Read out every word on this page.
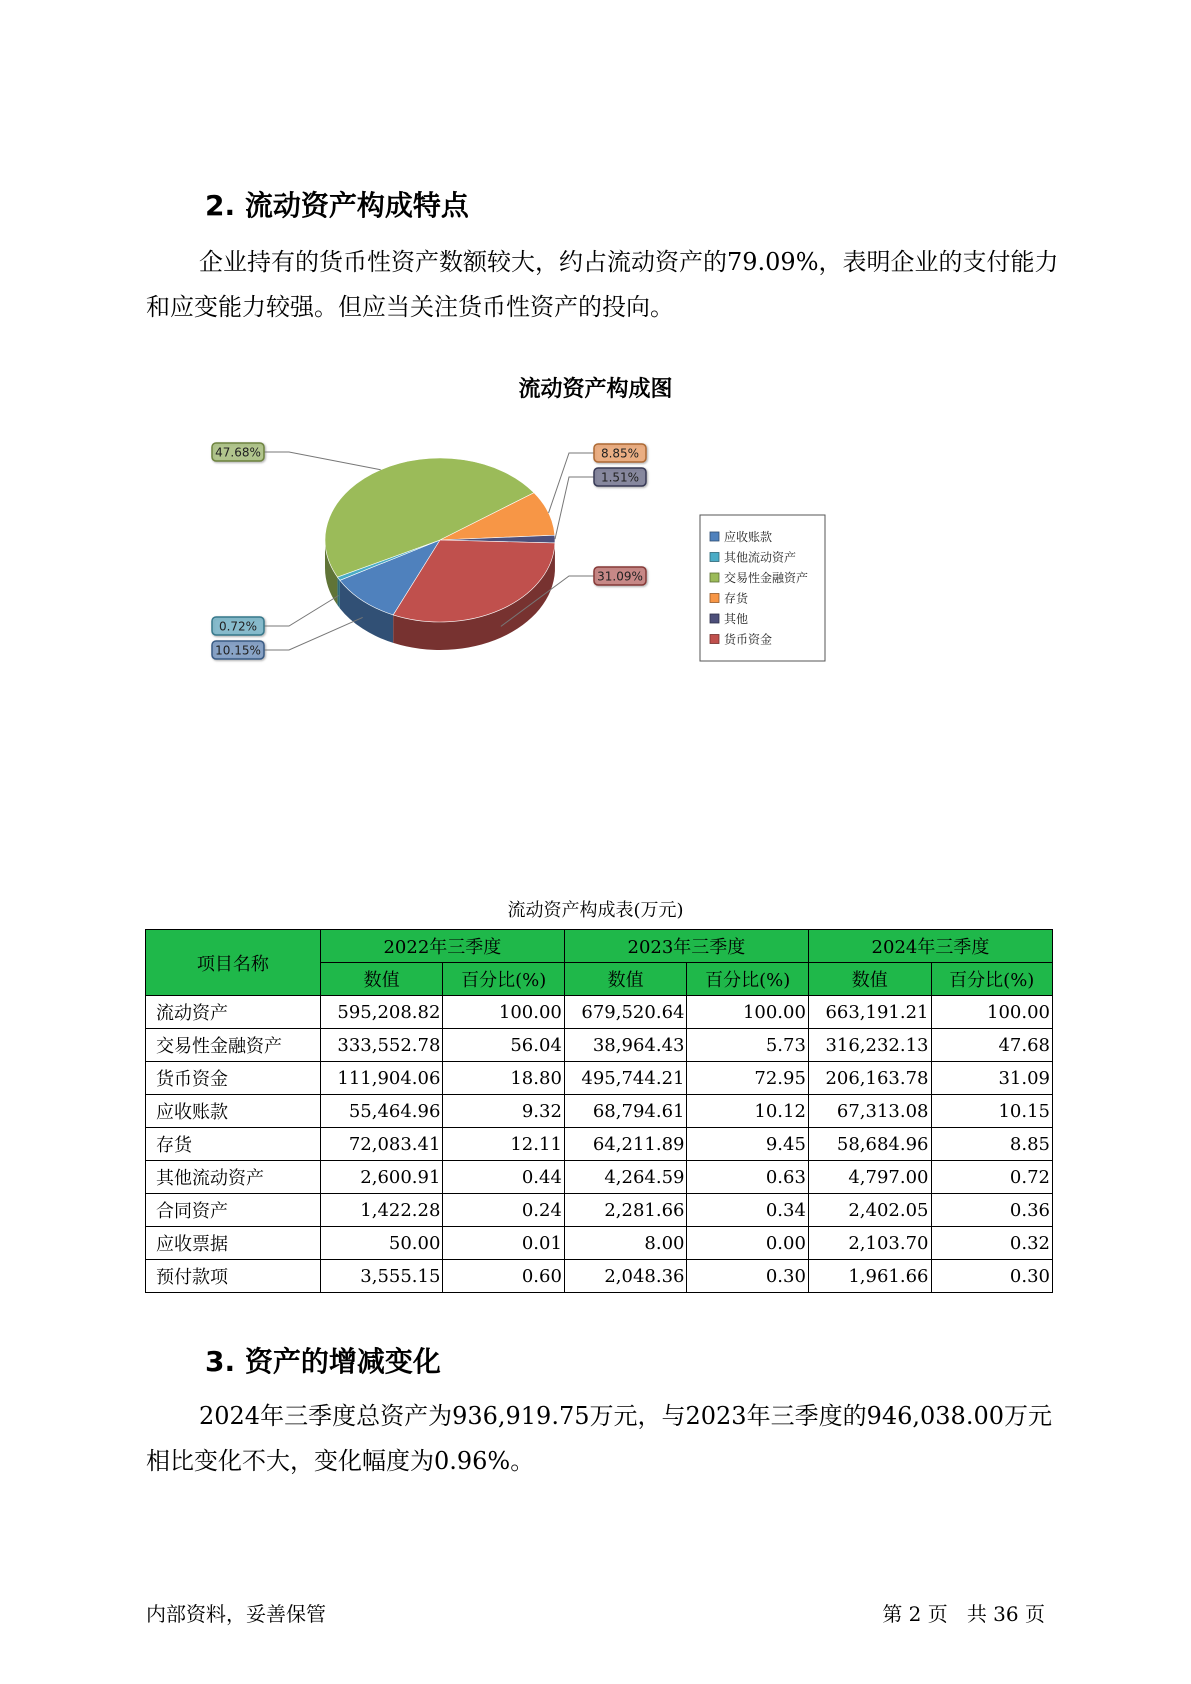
2. 流动资产构成特点

企业持有的货币性资产数额较大，约占流动资产的79.09%，表明企业的支付能力和应变能力较强。但应当关注货币性资产的投向。

流动资产构成图
10.15%
0.72%
47.68%	8.85%
1.51%
31.09%
应收账款
其他流动资产
交易性金融资产
存货
其他
货币资金
流动资产构成表(万元)
项目名称	2022年三季度		2023年三季度		2024年三季度	
	数值	百分比(%)	数值	百分比(%)	数值	百分比(%)
流动资产	595,208.82	100.00	679,520.64	100.00	663,191.21	100.00
交易性金融资产	333,552.78	56.04	38,964.43	5.73	316,232.13	47.68
货币资金	111,904.06	18.80	495,744.21	72.95	206,163.78	31.09
应收账款	55,464.96	9.32	68,794.61	10.12	67,313.08	10.15
存货	72,083.41	12.11	64,211.89	9.45	58,684.96	8.85
其他流动资产	2,600.91	0.44	4,264.59	0.63	4,797.00	0.72
合同资产	1,422.28	0.24	2,281.66	0.34	2,402.05	0.36
应收票据	50.00	0.01	8.00	0.00	2,103.70	0.32
预付款项	3,555.15	0.60	2,048.36	0.30	1,961.66	0.30
3. 资产的增减变化

2024年三季度总资产为936,919.75万元，与2023年三季度的946,038.00万元相比变化不大，变化幅度为0.96%。

内部资料，妥善保管	第 2 页   共 36 页
